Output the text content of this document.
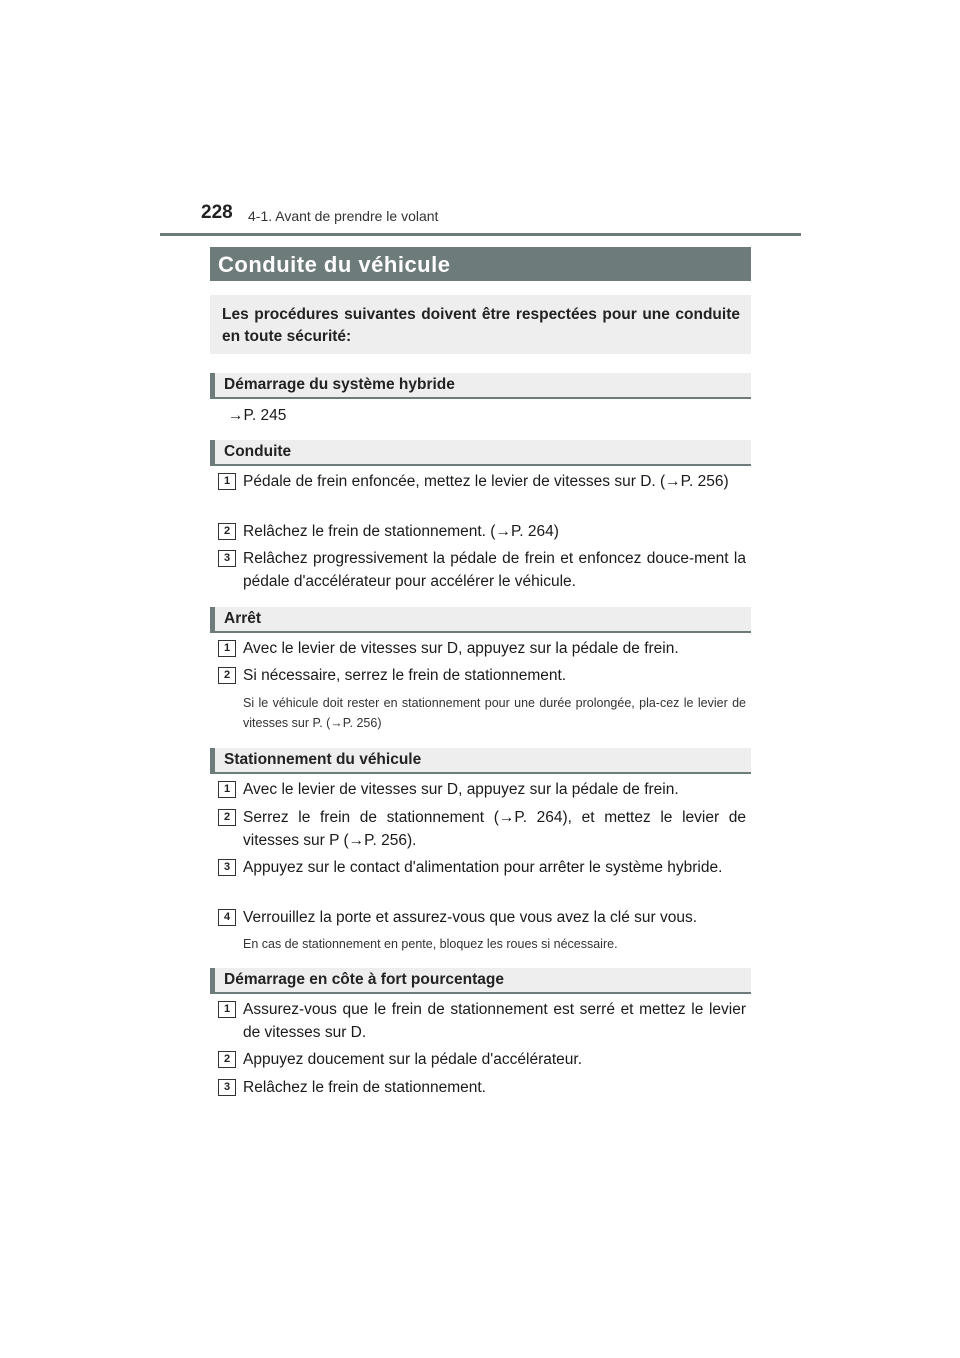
228 4-1. Avant de prendre le volant
Conduite du véhicule
Les procédures suivantes doivent être respectées pour une conduite en toute sécurité:
Démarrage du système hybride
→P. 245
Conduite
1 Pédale de frein enfoncée, mettez le levier de vitesses sur D. (→P. 256)
2 Relâchez le frein de stationnement. (→P. 264)
3 Relâchez progressivement la pédale de frein et enfoncez douce-ment la pédale d'accélérateur pour accélérer le véhicule.
Arrêt
1 Avec le levier de vitesses sur D, appuyez sur la pédale de frein.
2 Si nécessaire, serrez le frein de stationnement.
Si le véhicule doit rester en stationnement pour une durée prolongée, pla-cez le levier de vitesses sur P. (→P. 256)
Stationnement du véhicule
1 Avec le levier de vitesses sur D, appuyez sur la pédale de frein.
2 Serrez le frein de stationnement (→P. 264), et mettez le levier de vitesses sur P (→P. 256).
3 Appuyez sur le contact d'alimentation pour arrêter le système hybride.
4 Verrouillez la porte et assurez-vous que vous avez la clé sur vous.
En cas de stationnement en pente, bloquez les roues si nécessaire.
Démarrage en côte à fort pourcentage
1 Assurez-vous que le frein de stationnement est serré et mettez le levier de vitesses sur D.
2 Appuyez doucement sur la pédale d'accélérateur.
3 Relâchez le frein de stationnement.
